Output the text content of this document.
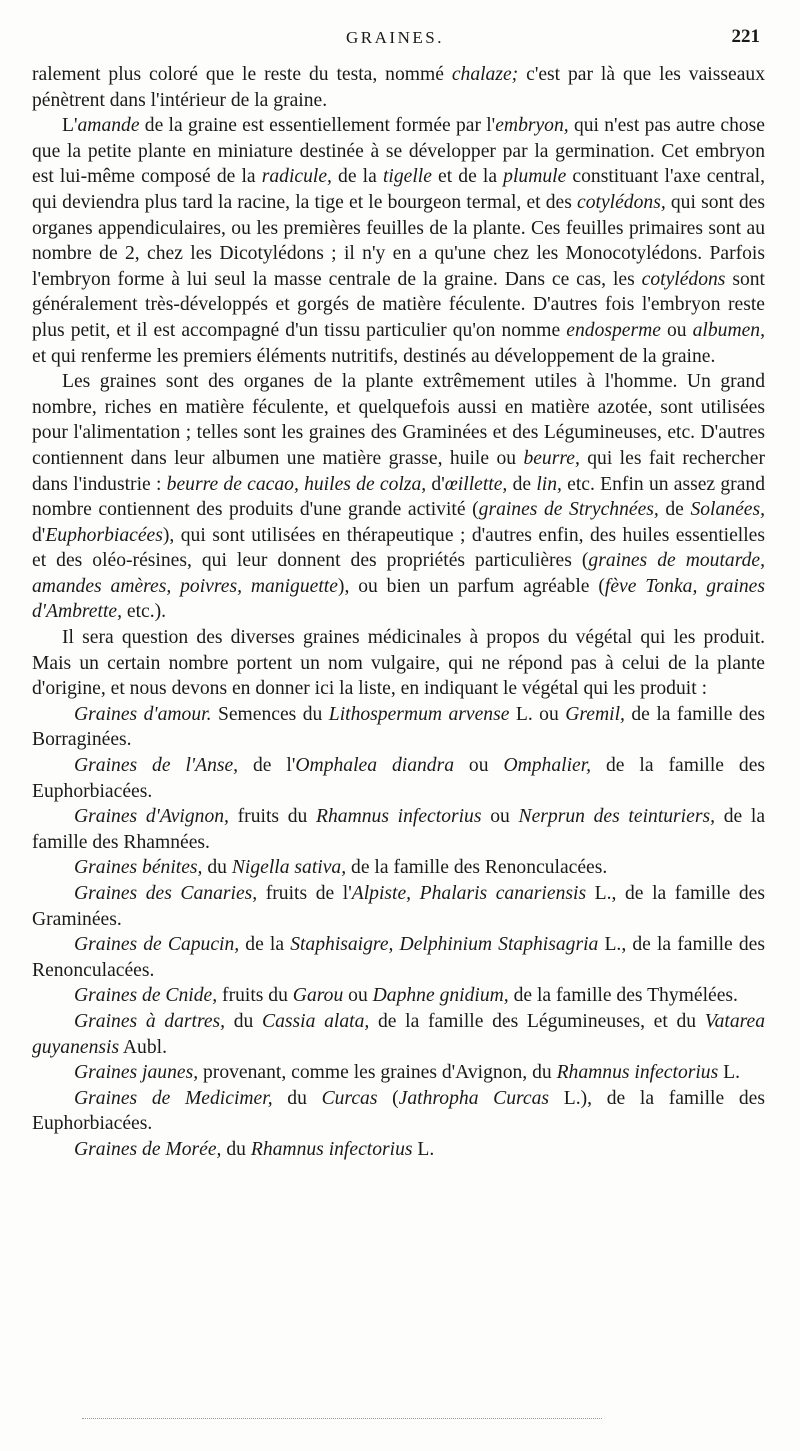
GRAINES.	221

ralement plus coloré que le reste du testa, nommé chalaze; c'est par là que les vaisseaux pénètrent dans l'intérieur de la graine.

L'amande de la graine est essentiellement formée par l'embryon, qui n'est pas autre chose que la petite plante en miniature destinée à se développer par la germination. Cet embryon est lui-même composé de la radicule, de la tigelle et de la plumule constituant l'axe central, qui deviendra plus tard la racine, la tige et le bourgeon termal, et des cotylédons, qui sont des organes appendiculaires, ou les premières feuilles de la plante. Ces feuilles primaires sont au nombre de 2, chez les Dicotylédons ; il n'y en a qu'une chez les Monocotylédons. Parfois l'embryon forme à lui seul la masse centrale de la graine. Dans ce cas, les cotylédons sont généralement très-développés et gorgés de matière féculente. D'autres fois l'embryon reste plus petit, et il est accompagné d'un tissu particulier qu'on nomme endosperme ou albumen, et qui renferme les premiers éléments nutritifs, destinés au développement de la graine.

Les graines sont des organes de la plante extrêmement utiles à l'homme. Un grand nombre, riches en matière féculente, et quelquefois aussi en matière azotée, sont utilisées pour l'alimentation ; telles sont les graines des Graminées et des Légumineuses, etc. D'autres contiennent dans leur albumen une matière grasse, huile ou beurre, qui les fait rechercher dans l'industrie : beurre de cacao, huiles de colza, d'œillette, de lin, etc. Enfin un assez grand nombre contiennent des produits d'une grande activité (graines de Strychnées, de Solanées, d'Euphorbiacées), qui sont utilisées en thérapeutique ; d'autres enfin, des huiles essentielles et des oléo-résines, qui leur donnent des propriétés particulières (graines de moutarde, amandes amères, poivres, maniguette), ou bien un parfum agréable (fève Tonka, graines d'Ambrette, etc.).

Il sera question des diverses graines médicinales à propos du végétal qui les produit. Mais un certain nombre portent un nom vulgaire, qui ne répond pas à celui de la plante d'origine, et nous devons en donner ici la liste, en indiquant le végétal qui les produit :

Graines d'amour. Semences du Lithospermum arvense L. ou Gremil, de la famille des Borraginées.

Graines de l'Anse, de l'Omphalea diandra ou Omphalier, de la famille des Euphorbiacées.

Graines d'Avignon, fruits du Rhamnus infectorius ou Nerprun des teinturiers, de la famille des Rhamnées.

Graines bénites, du Nigella sativa, de la famille des Renonculacées.

Graines des Canaries, fruits de l'Alpiste, Phalaris canariensis L., de la famille des Graminées.

Graines de Capucin, de la Staphisaigre, Delphinium Staphisagria L., de la famille des Renonculacées.

Graines de Cnide, fruits du Garou ou Daphne gnidium, de la famille des Thymélées.

Graines à dartres, du Cassia alata, de la famille des Légumineuses, et du Vatarea guyanensis Aubl.

Graines jaunes, provenant, comme les graines d'Avignon, du Rhamnus infectorius L.

Graines de Medicimer, du Curcas (Jathropha Curcas L.), de la famille des Euphorbiacées.

Graines de Morée, du Rhamnus infectorius L.
